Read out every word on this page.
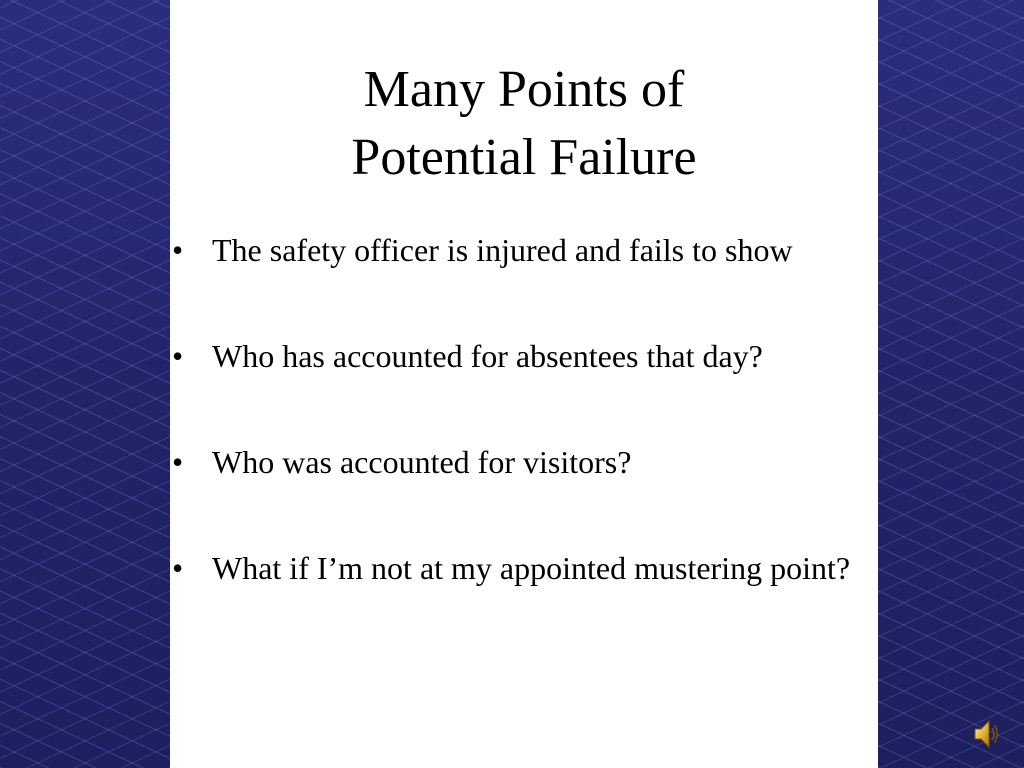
Many Points of
Potential Failure
• The safety officer is injured and fails to show
• Who has accounted for absentees that day?
• Who was accounted for visitors?
• What if I’m not at my appointed mustering point?
